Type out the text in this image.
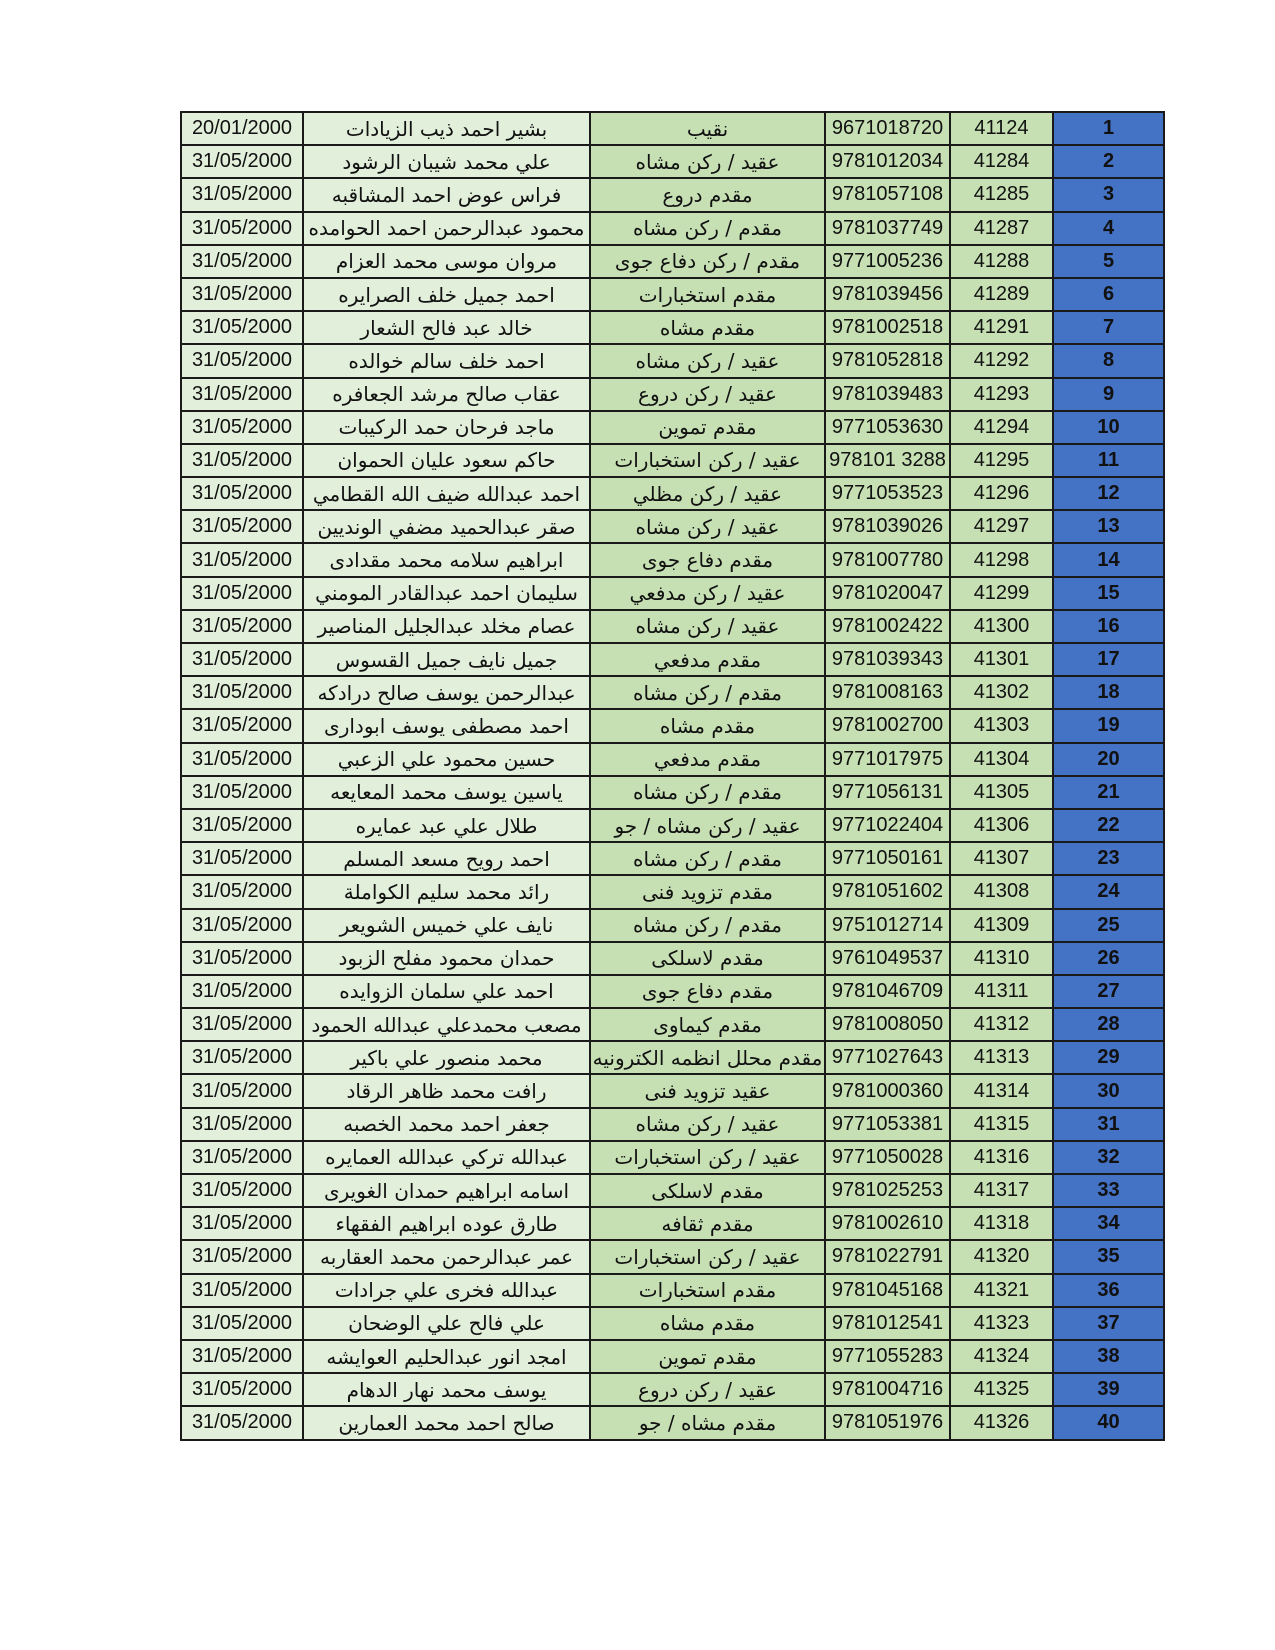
20/01/2000	بشير احمد ذيب الزيادات	نقيب	9671018720	41124	1
31/05/2000	علي محمد شيبان الرشود	عقيد / ركن مشاه	9781012034	41284	2
31/05/2000	فراس عوض احمد المشاقبه	مقدم دروع	9781057108	41285	3
31/05/2000	محمود عبدالرحمن احمد الحوامده	مقدم / ركن مشاه	9781037749	41287	4
31/05/2000	مروان موسى محمد العزام	مقدم / ركن دفاع جوى	9771005236	41288	5
31/05/2000	احمد جميل خلف الصرايره	مقدم استخبارات	9781039456	41289	6
31/05/2000	خالد عبد فالح الشعار	مقدم مشاه	9781002518	41291	7
31/05/2000	احمد خلف سالم خوالده	عقيد / ركن مشاه	9781052818	41292	8
31/05/2000	عقاب صالح مرشد الجعافره	عقيد / ركن دروع	9781039483	41293	9
31/05/2000	ماجد فرحان حمد الركيبات	مقدم تموين	9771053630	41294	10
31/05/2000	حاكم سعود عليان الحموان	عقيد / ركن استخبارات	978101 3288	41295	11
31/05/2000	احمد عبدالله ضيف الله القطامي	عقيد / ركن مظلي	9771053523	41296	12
31/05/2000	صقر عبدالحميد مضفي الونديين	عقيد / ركن مشاه	9781039026	41297	13
31/05/2000	ابراهيم سلامه محمد مقدادى	مقدم دفاع جوى	9781007780	41298	14
31/05/2000	سليمان احمد عبدالقادر المومني	عقيد / ركن مدفعي	9781020047	41299	15
31/05/2000	عصام مخلد عبدالجليل المناصير	عقيد / ركن مشاه	9781002422	41300	16
31/05/2000	جميل نايف جميل القسوس	مقدم مدفعي	9781039343	41301	17
31/05/2000	عبدالرحمن يوسف صالح درادكه	مقدم / ركن مشاه	9781008163	41302	18
31/05/2000	احمد مصطفى يوسف ابودارى	مقدم مشاه	9781002700	41303	19
31/05/2000	حسين محمود علي الزعبي	مقدم مدفعي	9771017975	41304	20
31/05/2000	ياسين يوسف محمد المعايعه	مقدم / ركن مشاه	9771056131	41305	21
31/05/2000	طلال علي عبد عمايره	عقيد / ركن مشاه / جو	9771022404	41306	22
31/05/2000	احمد رويح مسعد المسلم	مقدم / ركن مشاه	9771050161	41307	23
31/05/2000	رائد محمد سليم الكواملة	مقدم تزويد فنى	9781051602	41308	24
31/05/2000	نايف علي خميس الشويعر	مقدم / ركن مشاه	9751012714	41309	25
31/05/2000	حمدان محمود مفلح الزبود	مقدم لاسلكى	9761049537	41310	26
31/05/2000	احمد علي سلمان الزوايده	مقدم دفاع جوى	9781046709	41311	27
31/05/2000	مصعب محمدعلي عبدالله الحمود	مقدم كيماوى	9781008050	41312	28
31/05/2000	محمد منصور علي باكير	مقدم محلل انظمه الكترونيه	9771027643	41313	29
31/05/2000	رافت محمد ظاهر الرقاد	عقيد تزويد فنى	9781000360	41314	30
31/05/2000	جعفر احمد محمد الخصبه	عقيد / ركن مشاه	9771053381	41315	31
31/05/2000	عبدالله تركي عبدالله العمايره	عقيد / ركن استخبارات	9771050028	41316	32
31/05/2000	اسامه ابراهيم حمدان الغويرى	مقدم لاسلكى	9781025253	41317	33
31/05/2000	طارق عوده ابراهيم الفقهاء	مقدم ثقافه	9781002610	41318	34
31/05/2000	عمر عبدالرحمن محمد العقاربه	عقيد / ركن استخبارات	9781022791	41320	35
31/05/2000	عبدالله فخرى علي جرادات	مقدم استخبارات	9781045168	41321	36
31/05/2000	علي فالح علي الوضحان	مقدم مشاه	9781012541	41323	37
31/05/2000	امجد انور عبدالحليم العوايشه	مقدم تموين	9771055283	41324	38
31/05/2000	يوسف محمد نهار الدهام	عقيد / ركن دروع	9781004716	41325	39
31/05/2000	صالح احمد محمد العمارين	مقدم مشاه / جو	9781051976	41326	40
